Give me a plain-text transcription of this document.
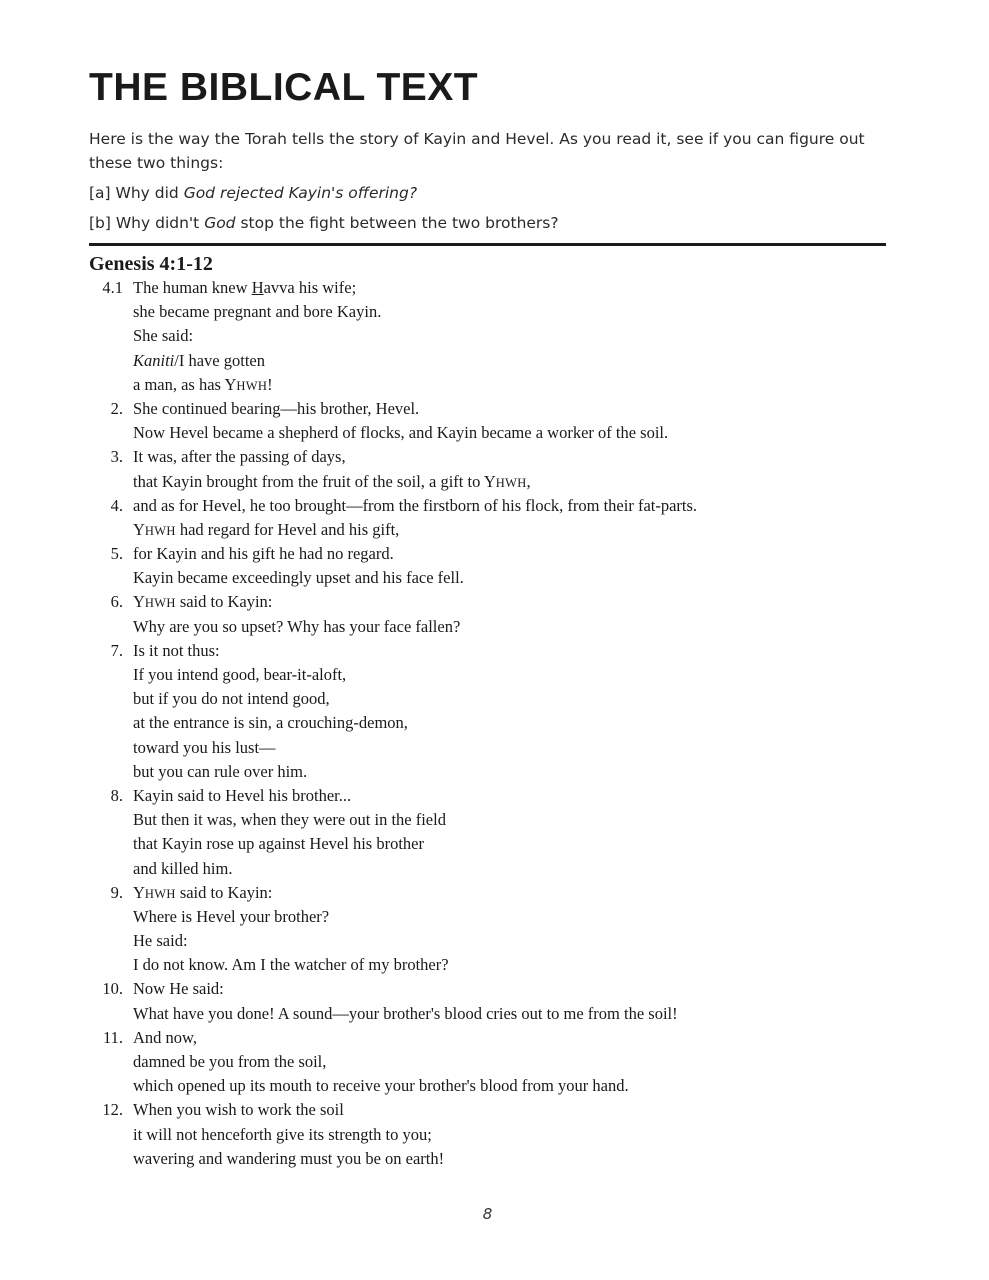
THE BIBLICAL TEXT

Here is the way the Torah tells the story of Kayin and Hevel. As you read it, see if you can figure out these two things:

[a] Why did God rejected Kayin's offering?

[b] Why didn't God stop the fight between the two brothers?

Genesis 4:1-12
4.1 The human knew Havva his wife;
she became pregnant and bore Kayin.
She said:
Kaniti/I have gotten
a man, as has YHWH!
2. She continued bearing—his brother, Hevel.
Now Hevel became a shepherd of flocks, and Kayin became a worker of the soil.
3. It was, after the passing of days,
that Kayin brought from the fruit of the soil, a gift to YHWH,
4. and as for Hevel, he too brought—from the firstborn of his flock, from their fat-parts.
YHWH had regard for Hevel and his gift,
5. for Kayin and his gift he had no regard.
Kayin became exceedingly upset and his face fell.
6. YHWH said to Kayin:
Why are you so upset? Why has your face fallen?
7. Is it not thus:
If you intend good, bear-it-aloft,
but if you do not intend good,
at the entrance is sin, a crouching-demon,
toward you his lust—
but you can rule over him.
8. Kayin said to Hevel his brother...
But then it was, when they were out in the field
that Kayin rose up against Hevel his brother
and killed him.
9. YHWH said to Kayin:
Where is Hevel your brother?
He said:
I do not know. Am I the watcher of my brother?
10. Now He said:
What have you done! A sound—your brother's blood cries out to me from the soil!
11. And now,
damned be you from the soil,
which opened up its mouth to receive your brother's blood from your hand.
12. When you wish to work the soil
it will not henceforth give its strength to you;
wavering and wandering must you be on earth!
8
